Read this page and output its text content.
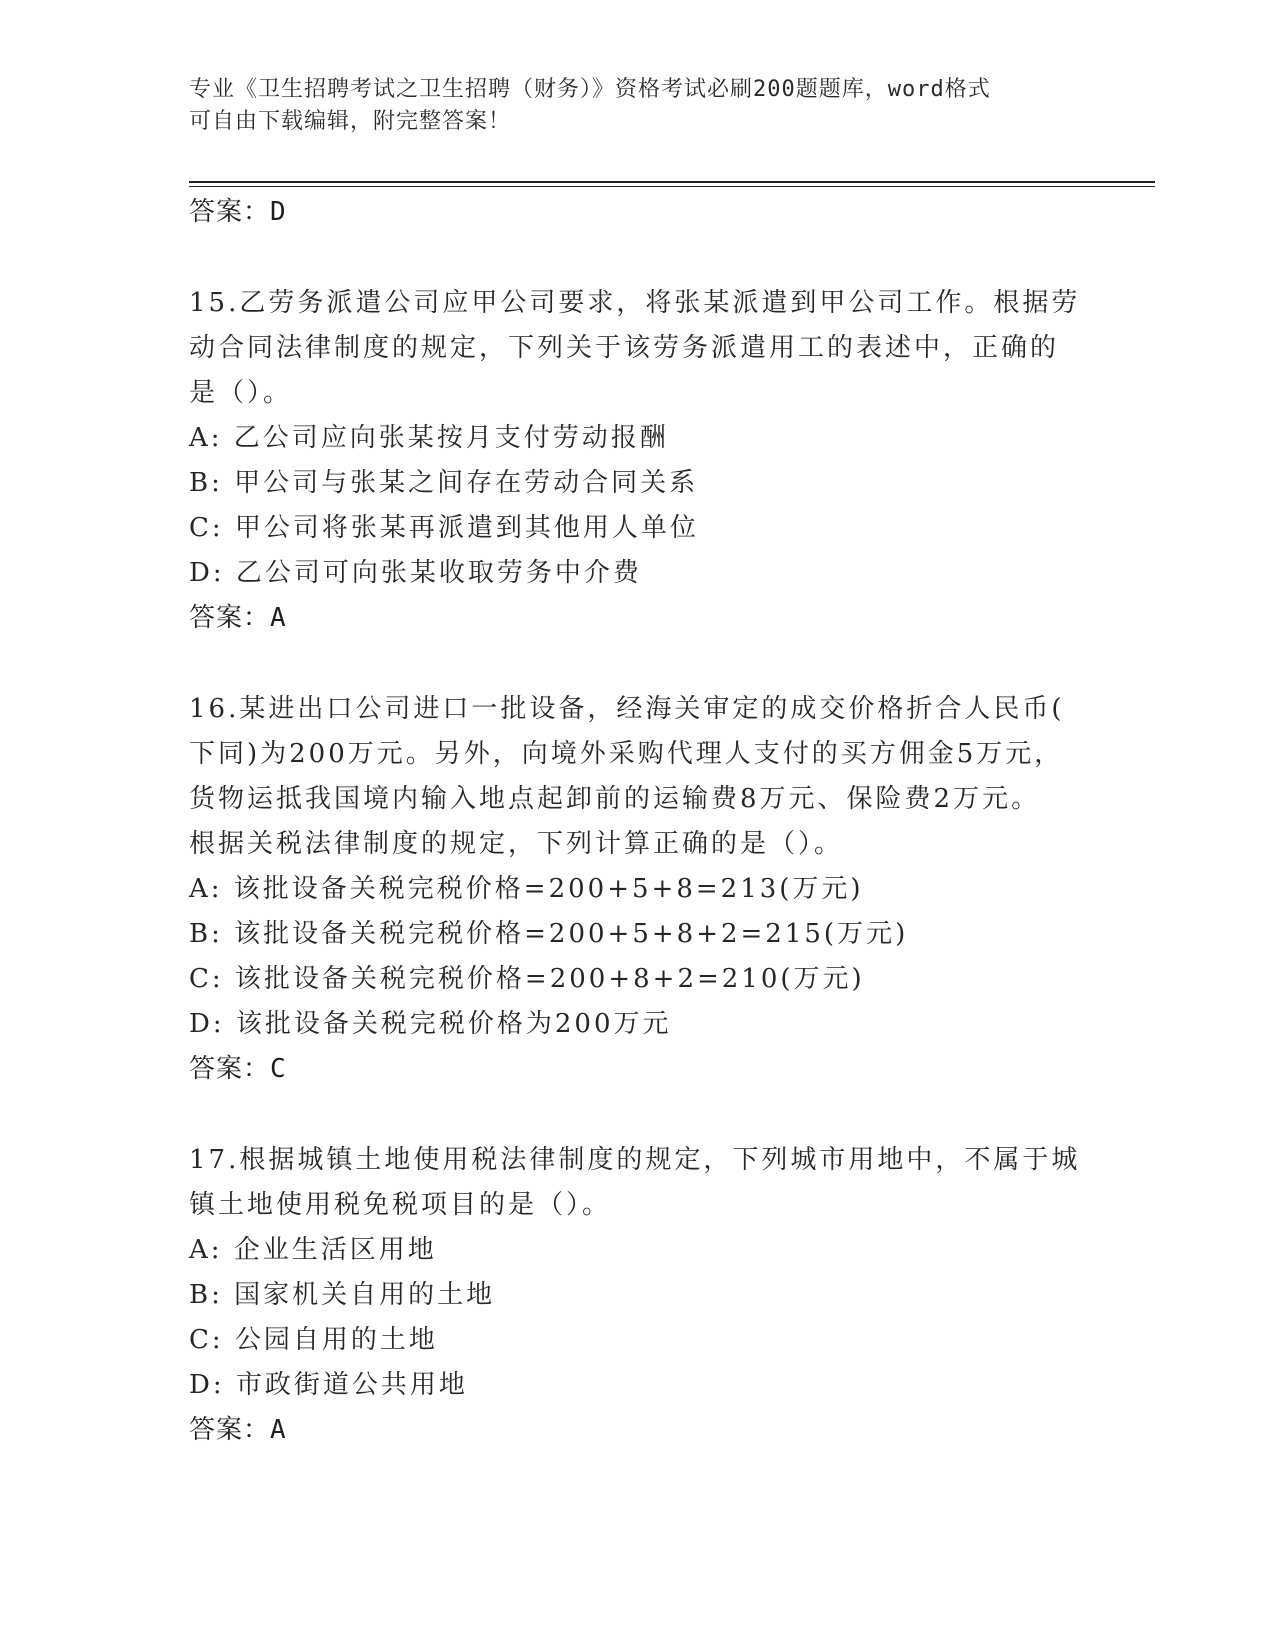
专业《卫生招聘考试之卫生招聘（财务）》资格考试必刷200题题库，word格式
可自由下载编辑，附完整答案！
答案：D
15.乙劳务派遣公司应甲公司要求，将张某派遣到甲公司工作。根据劳
动合同法律制度的规定，下列关于该劳务派遣用工的表述中，正确的
是（）。
A: 乙公司应向张某按月支付劳动报酬
B: 甲公司与张某之间存在劳动合同关系
C: 甲公司将张某再派遣到其他用人单位
D: 乙公司可向张某收取劳务中介费
答案：A
16.某进出口公司进口一批设备，经海关审定的成交价格折合人民币(
下同)为200万元。另外，向境外采购代理人支付的买方佣金5万元，
货物运抵我国境内输入地点起卸前的运输费8万元、保险费2万元。
根据关税法律制度的规定，下列计算正确的是（）。
A: 该批设备关税完税价格=200+5+8=213(万元)
B: 该批设备关税完税价格=200+5+8+2=215(万元)
C: 该批设备关税完税价格=200+8+2=210(万元)
D: 该批设备关税完税价格为200万元
答案：C
17.根据城镇土地使用税法律制度的规定，下列城市用地中，不属于城
镇土地使用税免税项目的是（）。
A: 企业生活区用地
B: 国家机关自用的土地
C: 公园自用的土地
D: 市政街道公共用地
答案：A
